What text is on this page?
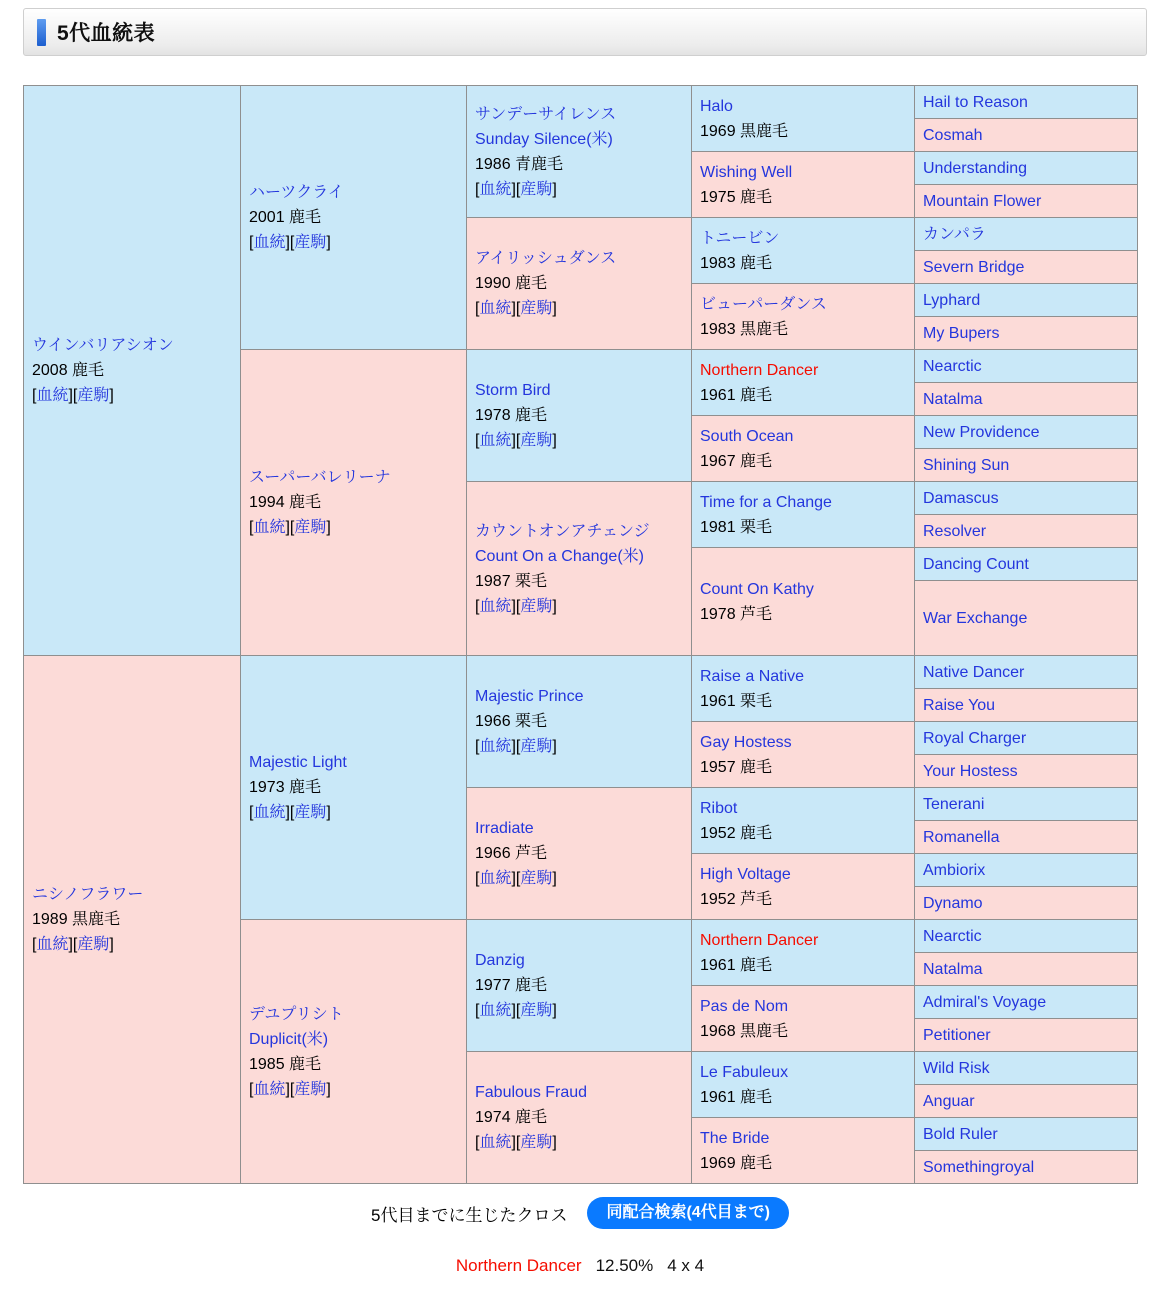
5代血統表
ウインバリアシオン
2008 鹿毛
[血統][産駒]	ハーツクライ
2001 鹿毛
[血統][産駒]	サンデーサイレンス
Sunday Silence(米)
1986 青鹿毛
[血統][産駒]	Halo
1969 黒鹿毛	Hail to Reason
				Cosmah

			Wishing Well
1975 鹿毛	Understanding
				Mountain Flower

		アイリッシュダンス
1990 鹿毛
[血統][産駒]	トニービン
1983 鹿毛	カンパラ
				Severn Bridge

			ビューパーダンス
1983 黒鹿毛	Lyphard
				My Bupers

	スーパーバレリーナ
1994 鹿毛
[血統][産駒]	Storm Bird
1978 鹿毛
[血統][産駒]	Northern Dancer
1961 鹿毛	Nearctic
				Natalma

			South Ocean
1967 鹿毛	New Providence
				Shining Sun

		カウントオンアチェンジ
Count On a Change(米)
1987 栗毛
[血統][産駒]	Time for a Change
1981 栗毛	Damascus
				Resolver

			Count On Kathy
1978 芦毛	Dancing Count
				War Exchange

ニシノフラワー
1989 黒鹿毛
[血統][産駒]	Majestic Light
1973 鹿毛
[血統][産駒]	Majestic Prince
1966 栗毛
[血統][産駒]	Raise a Native
1961 栗毛	Native Dancer
				Raise You

			Gay Hostess
1957 鹿毛	Royal Charger
				Your Hostess

		Irradiate
1966 芦毛
[血統][産駒]	Ribot
1952 鹿毛	Tenerani
				Romanella

			High Voltage
1952 芦毛	Ambiorix
				Dynamo

	デユプリシト
Duplicit(米)
1985 鹿毛
[血統][産駒]	Danzig
1977 鹿毛
[血統][産駒]	Northern Dancer
1961 鹿毛	Nearctic
				Natalma

			Pas de Nom
1968 黒鹿毛	Admiral's Voyage
				Petitioner

		Fabulous Fraud
1974 鹿毛
[血統][産駒]	Le Fabuleux
1961 鹿毛	Wild Risk
				Anguar

			The Bride
1969 鹿毛	Bold Ruler
				Somethingroyal
5代目までに生じたクロス	同配合検索(4代目まで)
Northern Dancer 12.50% 4 x 4
